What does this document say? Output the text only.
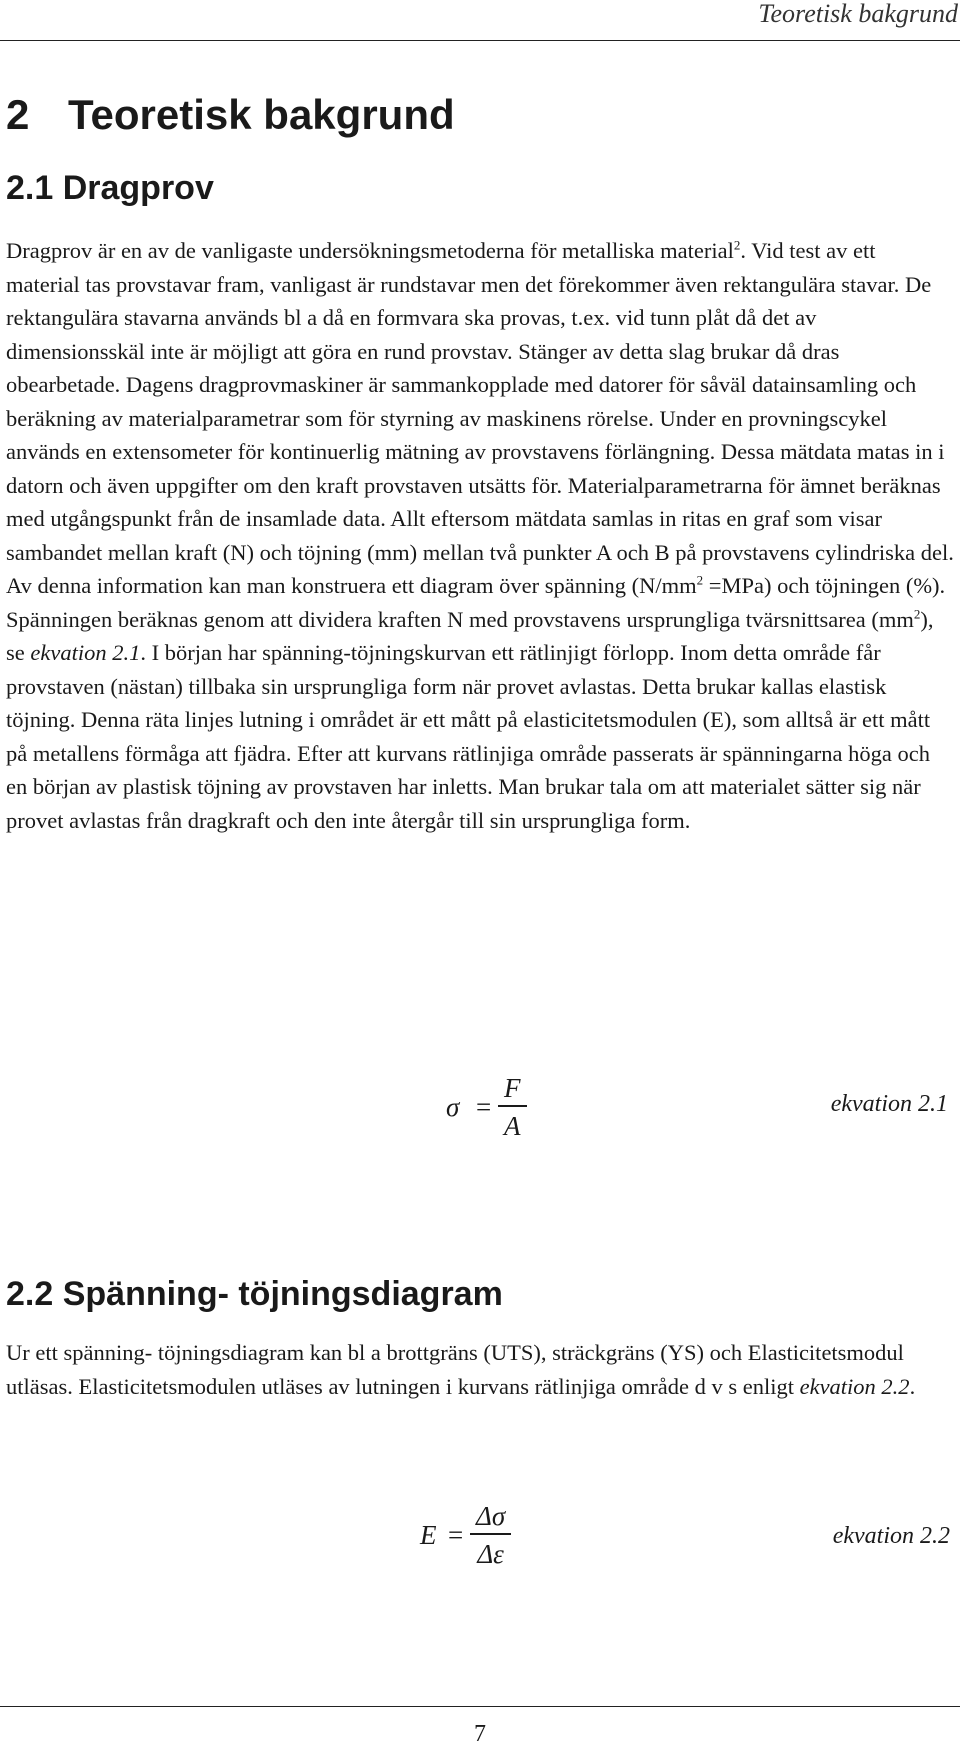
Teoretisk bakgrund
2 Teoretisk bakgrund
2.1 Dragprov

Dragprov är en av de vanligaste undersökningsmetoderna för metalliska material$^2$. Vid test av ett material tas provstavar fram, vanligast är rundstavar men det förekommer även rektangulära stavar. De rektangulära stavarna används bl a då en formvara ska provas, t.ex. vid tunn plåt då det av dimensionsskäl inte är möjligt att göra en rund provstav. Stänger av detta slag brukar då dras obearbetade. Dagens dragprovmaskiner är sammankopplade med datorer för såväl datainsamling och beräkning av materialparametrar som för styrning av maskinens rörelse. Under en provningscykel används en extensometer för kontinuerlig mätning av provstavens förlängning. Dessa mätdata matas in i datorn och även uppgifter om den kraft provstaven utsätts för. Materialparametrarna för ämnet beräknas med utgångspunkt från de insamlade data. Allt eftersom mätdata samlas in ritas en graf som visar sambandet mellan kraft (N) och töjning (mm) mellan två punkter A och B på provstavens cylindriska del. Av denna information kan man konstruera ett diagram över spänning $(N/mm^2 =MPa)$ och töjningen (%). Spänningen beräknas genom att dividera kraften N med provstavens ursprungliga tvärsnittsarea $(mm^2)$, se ekvation 2.1. I början har spänning-töjningskurvan ett rätlinjigt förlopp. Inom detta område får provstaven (nästan) tillbaka sin ursprungliga form när provet avlastas. Detta brukar kallas elastisk töjning. Denna räta linjes lutning i området är ett mått på elasticitetsmodulen (E), som alltså är ett mått på metallens förmåga att fjädra. Efter att kurvans rätlinjiga område passerats är spänningarna höga och en början av plastisk töjning av provstaven har inletts. Man brukar tala om att materialet sätter sig när provet avlastas från dragkraft och den inte återgår till sin ursprungliga form.

σ =
F
A
ekvation 2.1
2.2 Spänning- töjningsdiagram

Ur ett spänning- töjningsdiagram kan bl a brottgräns (UTS), sträckgräns (YS) och Elasticitetsmodul utläsas. Elasticitetsmodulen utläses av lutningen i kurvans rätlinjiga område d v s enligt ekvation 2.2.

E =
Δσ
Δε
ekvation 2.2
7
